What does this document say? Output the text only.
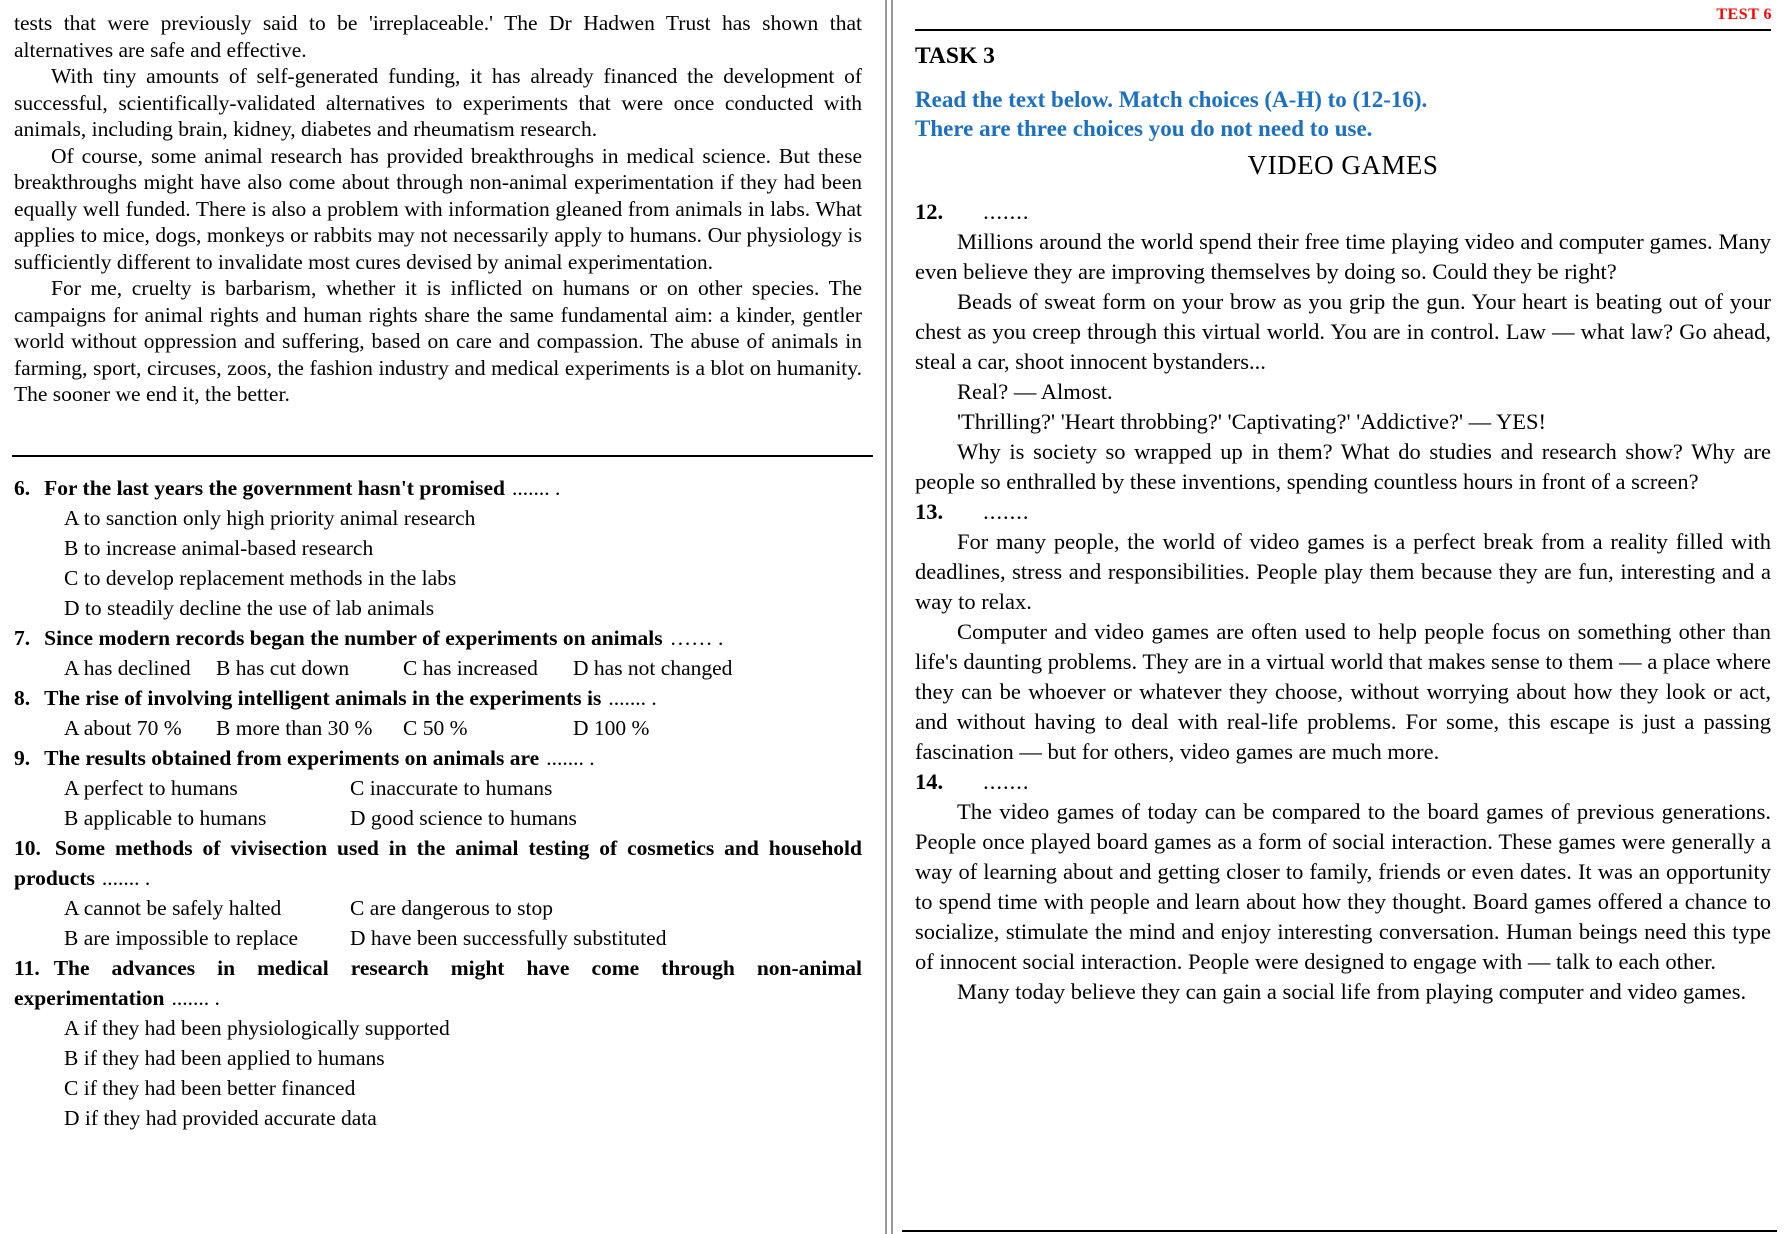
tests that were previously said to be 'irreplaceable.' The Dr Hadwen Trust has shown that alternatives are safe and effective.

With tiny amounts of self-generated funding, it has already financed the development of successful, scientifically-validated alternatives to experiments that were once conducted with animals, including brain, kidney, diabetes and rheumatism research.

Of course, some animal research has provided breakthroughs in medical science. But these breakthroughs might have also come about through non-animal experimentation if they had been equally well funded. There is also a problem with information gleaned from animals in labs. What applies to mice, dogs, monkeys or rabbits may not necessarily apply to humans. Our physiology is sufficiently different to invalidate most cures devised by animal experimentation.

For me, cruelty is barbarism, whether it is inflicted on humans or on other species. The campaigns for animal rights and human rights share the same fundamental aim: a kinder, gentler world without oppression and suffering, based on care and compassion. The abuse of animals in farming, sport, circuses, zoos, the fashion industry and medical experiments is a blot on humanity. The sooner we end it, the better.

6. For the last years the government hasn't promised ....... .

A to sanction only high priority animal research

B to increase animal-based research

C to develop replacement methods in the labs

D to steadily decline the use of lab animals

7. Since modern records began the number of experiments on animals …… .

A has declined	B has cut down	C has increased	D has not changed

8. The rise of involving intelligent animals in the experiments is ....... .

A about 70 %	B more than 30 %	C 50 %	D 100 %

9. The results obtained from experiments on animals are ....... .

A perfect to humans	C inaccurate to humans

B applicable to humans	D good science to humans

10. Some methods of vivisection used in the animal testing of cosmetics and household products ....... .

A cannot be safely halted	C are dangerous to stop

B are impossible to replace	D have been successfully substituted

11. The advances in medical research might have come through non-animal experimentation ....... .

A if they had been physiologically supported

B if they had been applied to humans

C if they had been better financed

D if they had provided accurate data

TEST 6
TASK 3

Read the text below. Match choices (A-H) to (12-16).

There are three choices you do not need to use.

VIDEO GAMES

12. .......

Millions around the world spend their free time playing video and computer games. Many even believe they are improving themselves by doing so. Could they be right?

Beads of sweat form on your brow as you grip the gun. Your heart is beating out of your chest as you creep through this virtual world. You are in control. Law — what law? Go ahead, steal a car, shoot innocent bystanders...

Real? — Almost.

'Thrilling?' 'Heart throbbing?' 'Captivating?' 'Addictive?' — YES!

Why is society so wrapped up in them? What do studies and research show? Why are people so enthralled by these inventions, spending countless hours in front of a screen?

13. .......

For many people, the world of video games is a perfect break from a reality filled with deadlines, stress and responsibilities. People play them because they are fun, interesting and a way to relax.

Computer and video games are often used to help people focus on something other than life's daunting problems. They are in a virtual world that makes sense to them — a place where they can be whoever or whatever they choose, without worrying about how they look or act, and without having to deal with real-life problems. For some, this escape is just a passing fascination — but for others, video games are much more.

14. .......

The video games of today can be compared to the board games of previous generations. People once played board games as a form of social interaction. These games were generally a way of learning about and getting closer to family, friends or even dates. It was an opportunity to spend time with people and learn about how they thought. Board games offered a chance to socialize, stimulate the mind and enjoy interesting conversation. Human beings need this type of innocent social interaction. People were designed to engage with — talk to each other.

Many today believe they can gain a social life from playing computer and video games.
